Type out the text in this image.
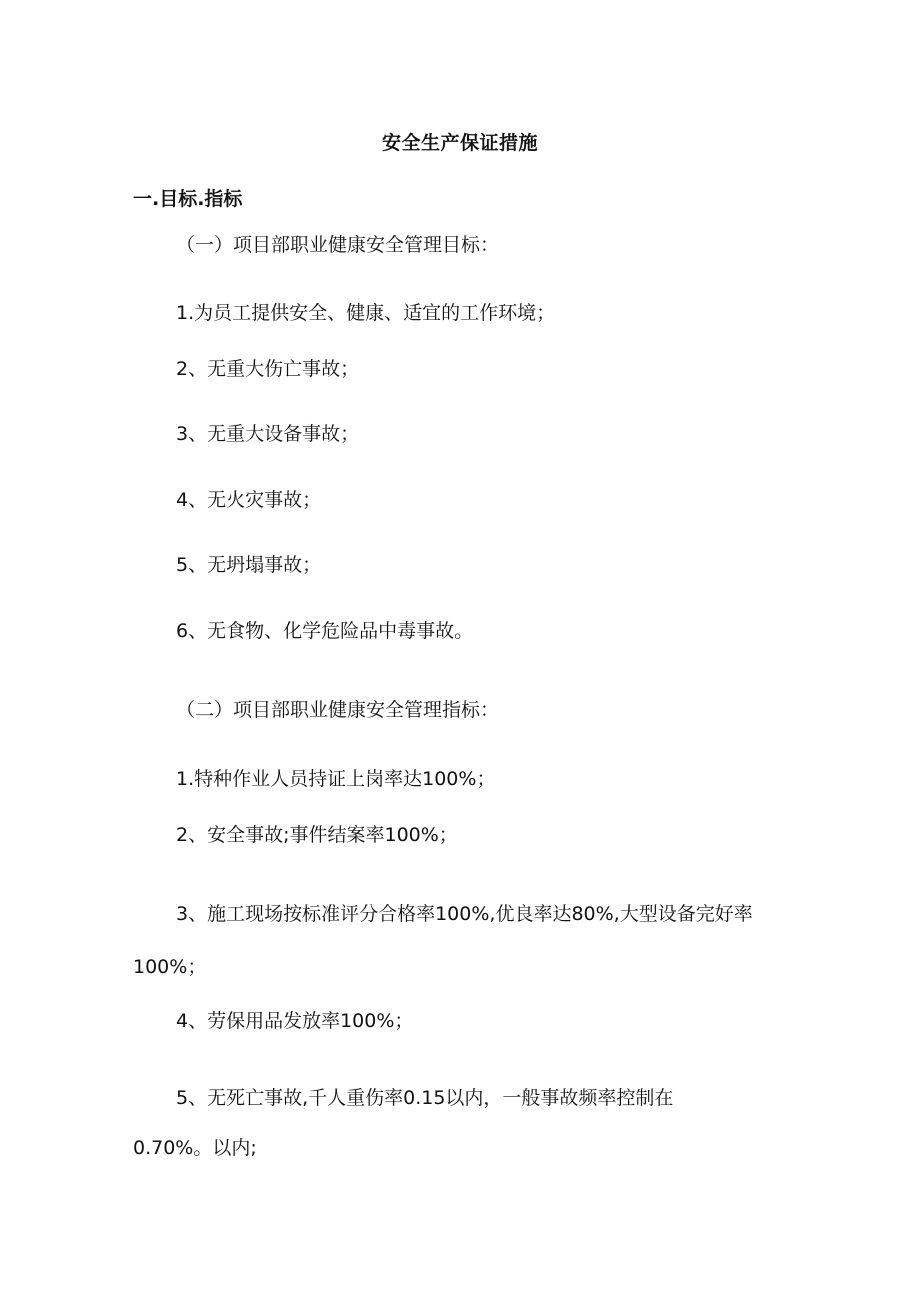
安全生产保证措施
一.目标.指标
（一）项目部职业健康安全管理目标：
1.为员工提供安全、健康、适宜的工作环境；
2、无重大伤亡事故；
3、无重大设备事故；
4、无火灾事故；
5、无坍塌事故；
6、无食物、化学危险品中毒事故。
（二）项目部职业健康安全管理指标：
1.特种作业人员持证上岗率达100%；
2、安全事故;事件结案率100%；
3、施工现场按标准评分合格率100%,优良率达80%,大型设备完好率
100%；
4、劳保用品发放率100%；
5、无死亡事故,千人重伤率0.15以内，一般事故频率控制在
0.70%。以内;
